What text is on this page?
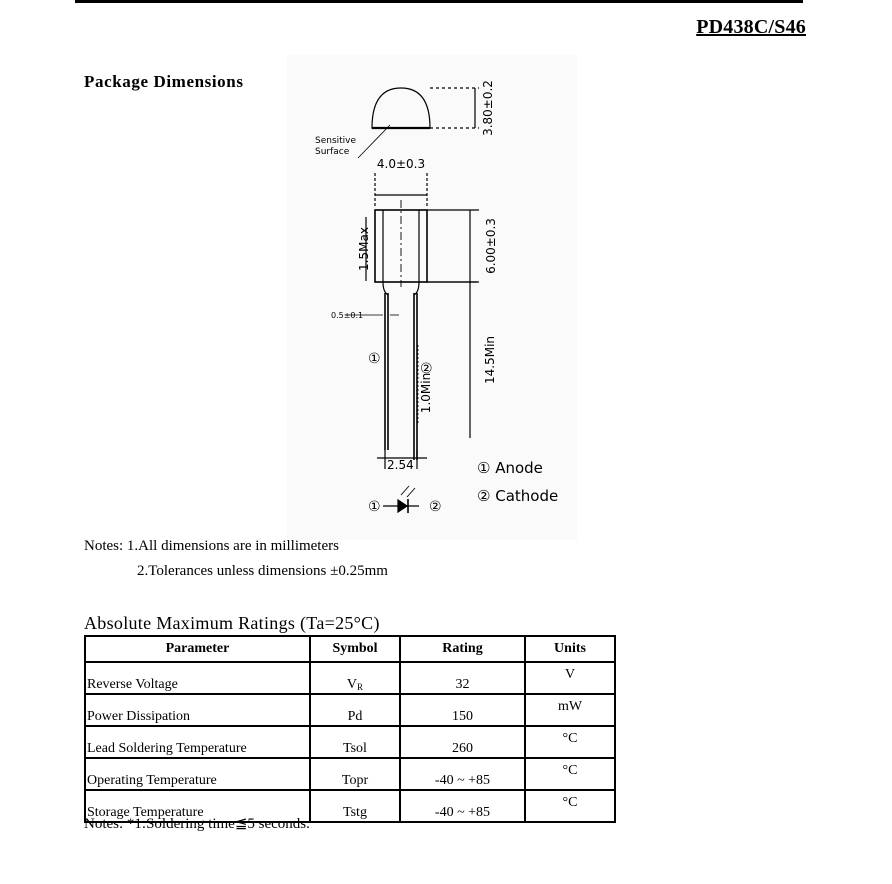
PD438C/S46
Package Dimensions
Sensitive
Surface
3.80±0.2
4.0±0.3
6.00±0.3
1.5Max
0.5±0.1
14.5Min
1.0Min
①
②
2.54
①	②
① Anode
② Cathode
Notes: 1.All dimensions are in millimeters
2.Tolerances unless dimensions ±0.25mm
Absolute Maximum Ratings (Ta=25°C)
Parameter	Symbol	Rating	Units
Reverse Voltage	$V_R$	32	V
Power Dissipation	Pd	150	mW
Lead Soldering Temperature	Tsol	260	°C
Operating Temperature	Topr	-40 ~ +85	°C
Storage Temperature	Tstg	-40 ~ +85	°C
Notes: *1:Soldering time≦5 seconds.
